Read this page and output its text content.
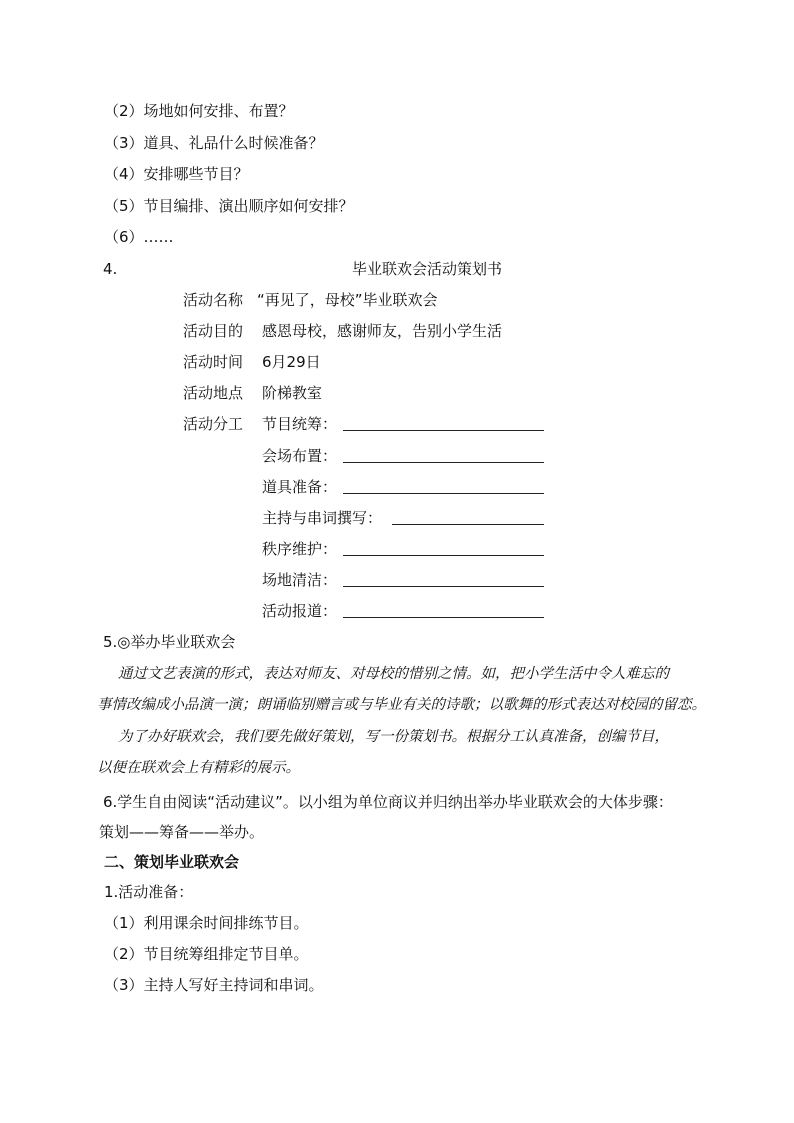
（2）场地如何安排、布置？
（3）道具、礼品什么时候准备？
（4）安排哪些节目？
（5）节目编排、演出顺序如何安排？
（6）……
4.	毕业联欢会活动策划书
活动名称 “再见了，母校”毕业联欢会
活动目的 感恩母校，感谢师友，告别小学生活
活动时间 6月29日
活动地点 阶梯教室
活动分工 节目统筹：
会场布置：
道具准备：
主持与串词撰写：
秩序维护：
场地清洁：
活动报道：
5.◎举办毕业联欢会
通过文艺表演的形式，表达对师友、对母校的惜别之情。如，把小学生活中令人难忘的
事情改编成小品演一演；朗诵临别赠言或与毕业有关的诗歌；以歌舞的形式表达对校园的留恋。
为了办好联欢会，我们要先做好策划，写一份策划书。根据分工认真准备，创编节目，
以便在联欢会上有精彩的展示。
6.学生自由阅读“活动建议”。以小组为单位商议并归纳出举办毕业联欢会的大体步骤：
策划——筹备——举办。
二、策划毕业联欢会
1.活动准备：
（1）利用课余时间排练节目。
（2）节目统筹组排定节目单。
（3）主持人写好主持词和串词。
